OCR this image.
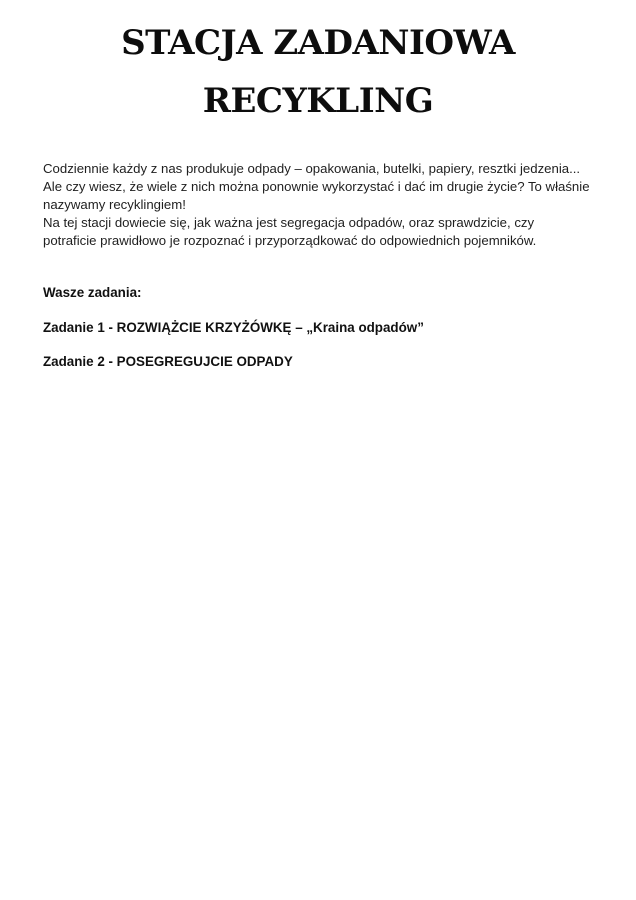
STACJA ZADANIOWA
RECYKLING

Codziennie każdy z nas produkuje odpady – opakowania, butelki, papiery, resztki jedzenia...

Ale czy wiesz, że wiele z nich można ponownie wykorzystać i dać im drugie życie? To właśnie

nazywamy recyklingiem!

Na tej stacji dowiecie się, jak ważna jest segregacja odpadów, oraz sprawdzicie, czy

potraficie prawidłowo je rozpoznać i przyporządkować do odpowiednich pojemników.

Wasze zadania:

Zadanie 1 - ROZWIĄŻCIE KRZYŻÓWKĘ – „Kraina odpadów”

Zadanie 2 - POSEGREGUJCIE ODPADY
